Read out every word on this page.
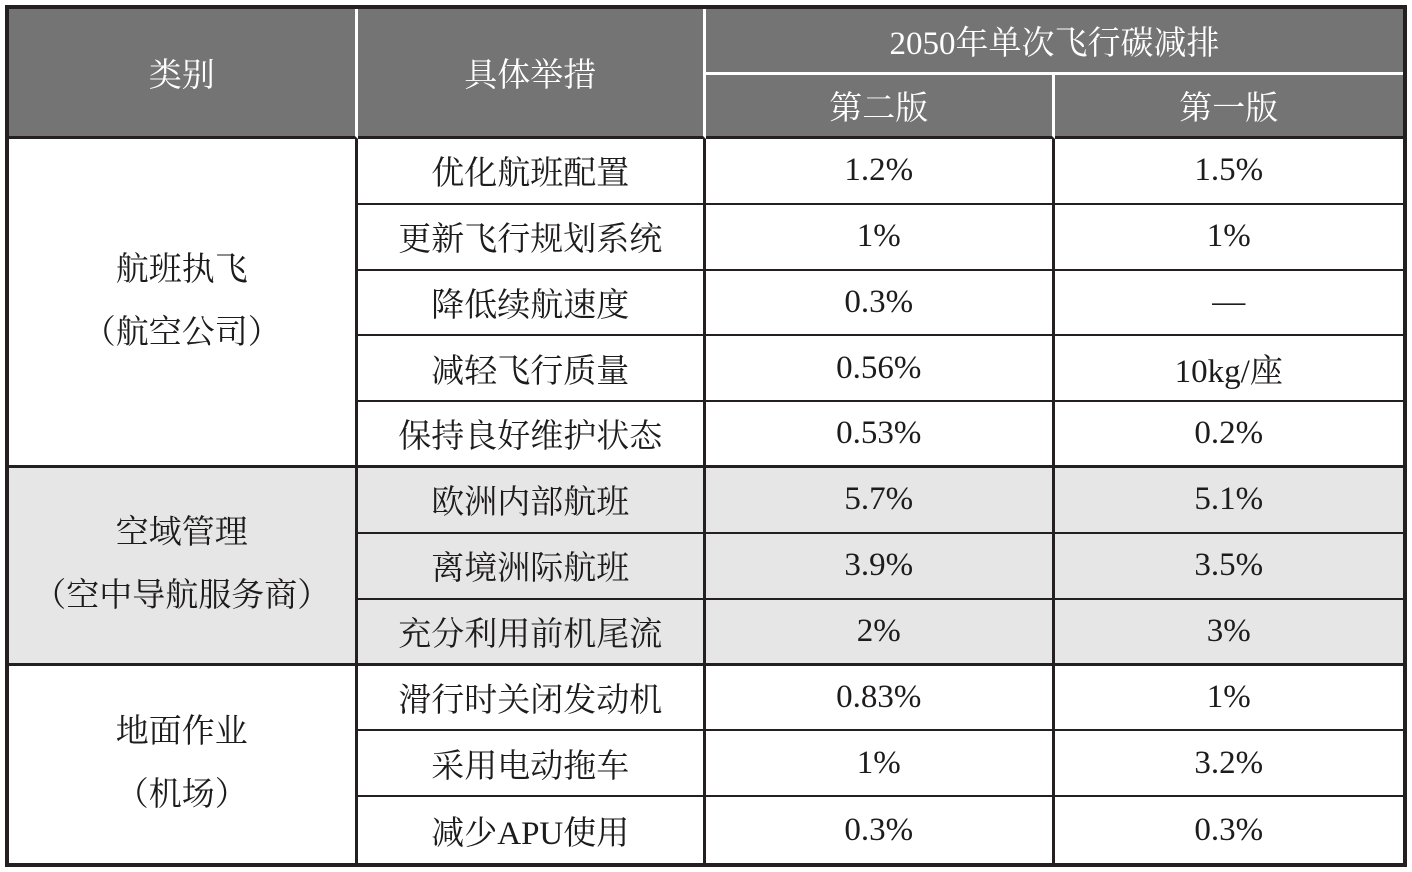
类别	具体举措	2050年单次飞行碳减排	
		第二版	第一版

航班执飞
（航空公司）	优化航班配置	1.2%	1.5%
	更新飞行规划系统	1%	1%
	降低续航速度	0.3%	—
	减轻飞行质量	0.56%	10kg/座
	保持良好维护状态	0.53%	0.2%

空域管理
（空中导航服务商）	欧洲内部航班	5.7%	5.1%
	离境洲际航班	3.9%	3.5%
	充分利用前机尾流	2%	3%

地面作业
（机场）	滑行时关闭发动机	0.83%	1%
	采用电动拖车	1%	3.2%
	减少APU使用	0.3%	0.3%
